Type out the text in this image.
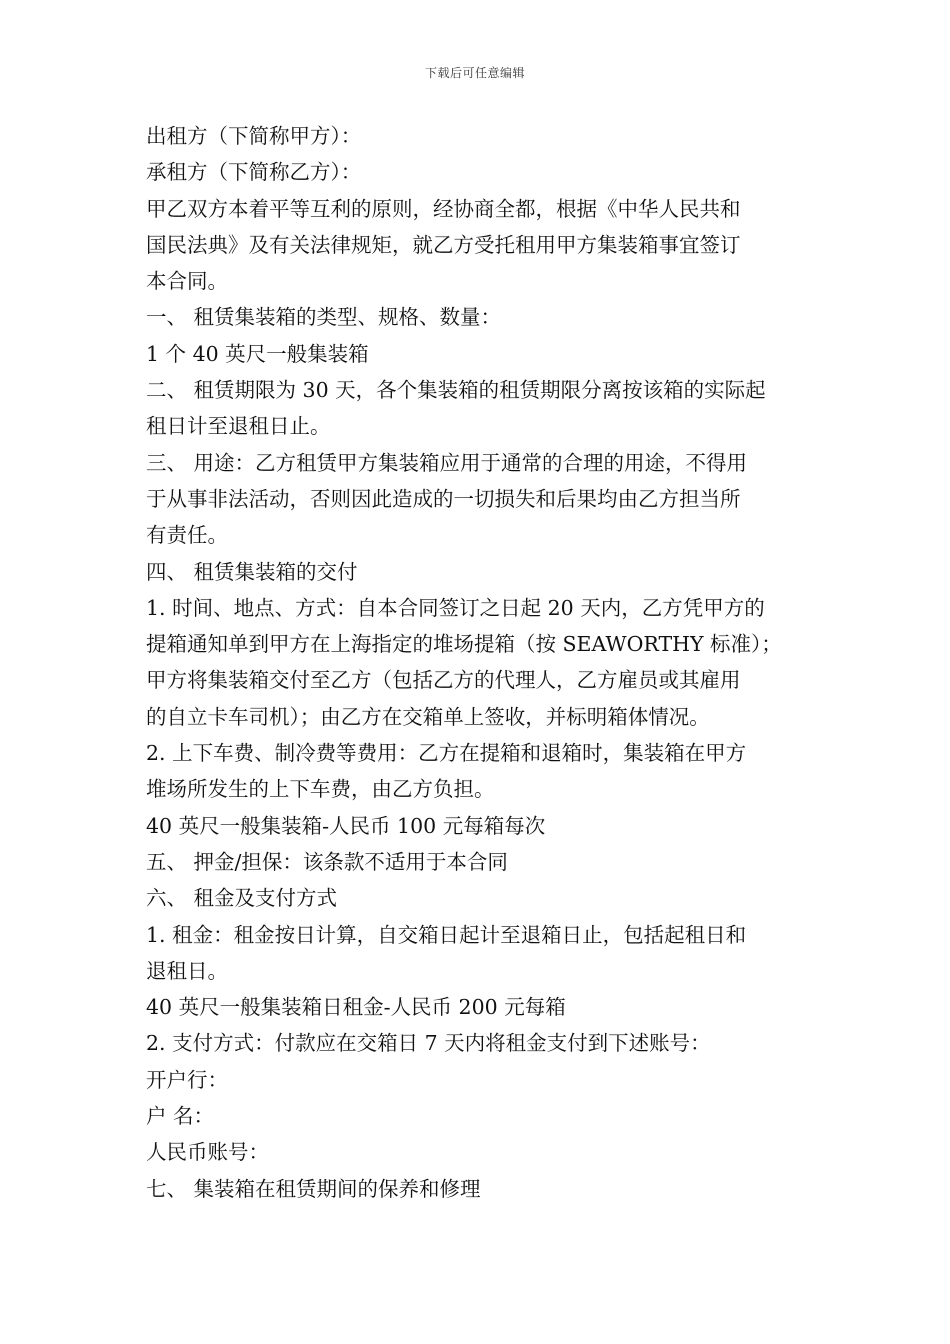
下载后可任意编辑
出租方（下简称甲方）：
承租方（下简称乙方）：
甲乙双方本着平等互利的原则，经协商全都，根据《中华人民共和
国民法典》及有关法律规矩，就乙方受托租用甲方集装箱事宜签订
本合同。
一、 租赁集装箱的类型、规格、数量：
1 个 40 英尺一般集装箱
二、 租赁期限为 30 天，各个集装箱的租赁期限分离按该箱的实际起
租日计至退租日止。
三、 用途：乙方租赁甲方集装箱应用于通常的合理的用途，不得用
于从事非法活动，否则因此造成的一切损失和后果均由乙方担当所
有责任。
四、 租赁集装箱的交付
1. 时间、地点、方式：自本合同签订之日起 20 天内，乙方凭甲方的
提箱通知单到甲方在上海指定的堆场提箱（按 SEAWORTHY 标准）；
甲方将集装箱交付至乙方（包括乙方的代理人，乙方雇员或其雇用
的自立卡车司机）；由乙方在交箱单上签收，并标明箱体情况。
2. 上下车费、制冷费等费用：乙方在提箱和退箱时，集装箱在甲方
堆场所发生的上下车费，由乙方负担。
40 英尺一般集装箱-人民币 100 元每箱每次
五、 押金/担保：该条款不适用于本合同
六、 租金及支付方式
1. 租金：租金按日计算，自交箱日起计至退箱日止，包括起租日和
退租日。
40 英尺一般集装箱日租金-人民币 200 元每箱
2. 支付方式：付款应在交箱日 7 天内将租金支付到下述账号：
开户行：
户 名：
人民币账号：
七、 集装箱在租赁期间的保养和修理
